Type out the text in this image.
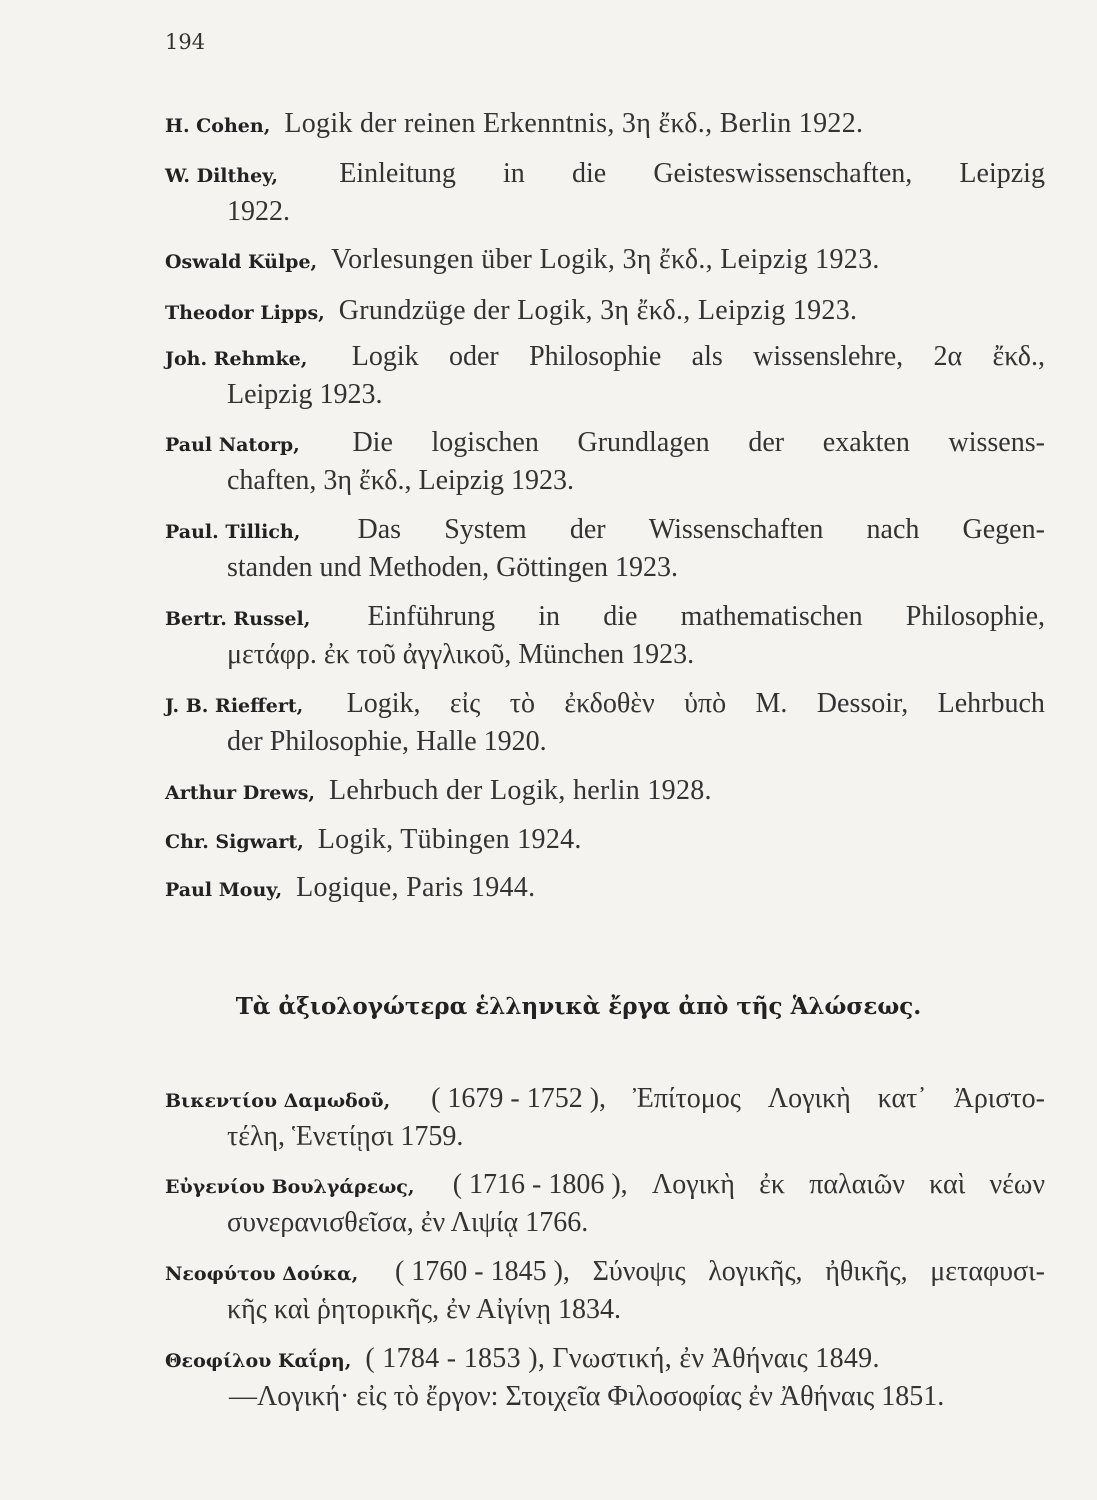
194
H. Cohen, Logik der reinen Erkenntnis, 3η ἔκδ., Berlin 1922.
W. Dilthey, Einleitung in die Geisteswissenschaften, Leipzig
1922.
Oswald Külpe, Vorlesungen über Logik, 3η ἔκδ., Leipzig 1923.
Theodor Lipps, Grundzüge der Logik, 3η ἔκδ., Leipzig 1923.
Joh. Rehmke, Logik oder Philosophie als wissenslehre, 2α ἔκδ.,
Leipzig 1923.
Paul Natorp, Die logischen Grundlagen der exakten wissens-
chaften, 3η ἔκδ., Leipzig 1923.
Paul. Tillich, Das System der Wissenschaften nach Gegen-
standen und Methoden, Göttingen 1923.
Bertr. Russel, Einführung in die mathematischen Philosophie,
μετάφρ. ἐκ τοῦ ἀγγλικοῦ, München 1923.
J. B. Rieffert, Logik, εἰς τὸ ἐκδοθὲν ὑπὸ M. Dessoir, Lehrbuch
der Philosophie, Halle 1920.
Arthur Drews, Lehrbuch der Logik, herlin 1928.
Chr. Sigwart, Logik, Tübingen 1924.
Paul Mouy, Logique, Paris 1944.
Τὰ ἀξιολογώτερα ἑλληνικὰ ἔργα ἀπὸ τῆς Ἁλώσεως.
Βικεντίου Δαμωδοῦ, ( 1679 - 1752 ), Ἐπίτομος Λογικὴ κατ᾽ Ἀριστο-
τέλη, Ἑνετίῃσι 1759.
Εὐγενίου Βουλγάρεως, ( 1716 - 1806 ), Λογικὴ ἐκ παλαιῶν καὶ νέων
συνερανισθεῖσα, ἐν Λιψίᾳ 1766.
Νεοφύτου Δούκα, ( 1760 - 1845 ), Σύνοψις λογικῆς, ἠθικῆς, μεταφυσι-
κῆς καὶ ῥητορικῆς, ἐν Αἰγίνῃ 1834.
Θεοφίλου Καΐρη, ( 1784 - 1853 ), Γνωστική, ἐν Ἀθήναις 1849.
—Λογική· εἰς τὸ ἔργον: Στοιχεῖα Φιλοσοφίας ἐν Ἀθήναις 1851.
